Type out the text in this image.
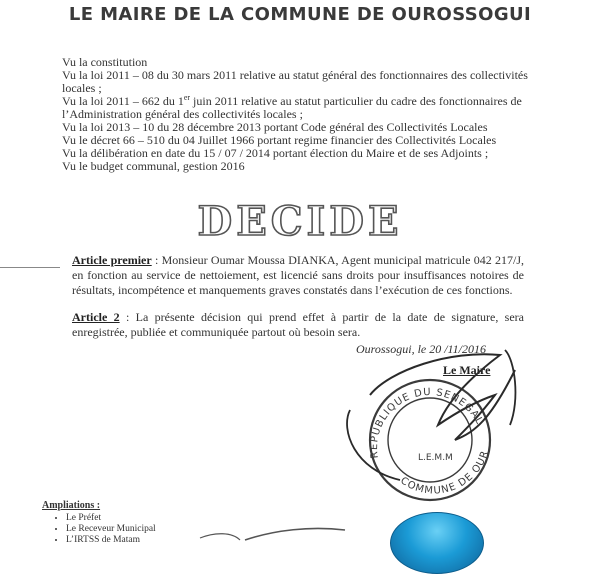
LE MAIRE DE LA COMMUNE DE OUROSSOGUI

Vu la constitution

Vu la loi 2011 – 08 du 30 mars 2011 relative au statut général des fonctionnaires des collectivités locales ;

Vu la loi 2011 – 662 du 1er juin 2011 relative au statut particulier du cadre des fonctionnaires de l’Administration général des collectivités locales ;

Vu la loi 2013 – 10 du 28 décembre 2013 portant Code général des Collectivités Locales

Vu le décret 66 – 510 du 04 Juillet 1966 portant regime financier des Collectivités Locales

Vu la délibération en date du 15 / 07 / 2014 portant élection du Maire et de ses Adjoints ;

Vu le budget communal, gestion 2016

DECIDE
Article premier : Monsieur Oumar Moussa DIANKA, Agent municipal matricule 042 217/J, en fonction au service de nettoiement, est licencié sans droits pour insuffisances notoires de résultats, incompétence et manquements graves constatés dans l’exécution de ces fonctions.
Article 2 : La présente décision qui prend effet à partir de la date de signature, sera enregistrée, publiée et communiquée partout où besoin sera.
Ourossogui, le 20 /11/2016
Le Maire
REPUBLIQUE DU SENEGAL
COMMUNE DE OUR
L.E.M.M
Ampliations :
• Le Préfet
• Le Receveur Municipal
• L’IRTSS de Matam
